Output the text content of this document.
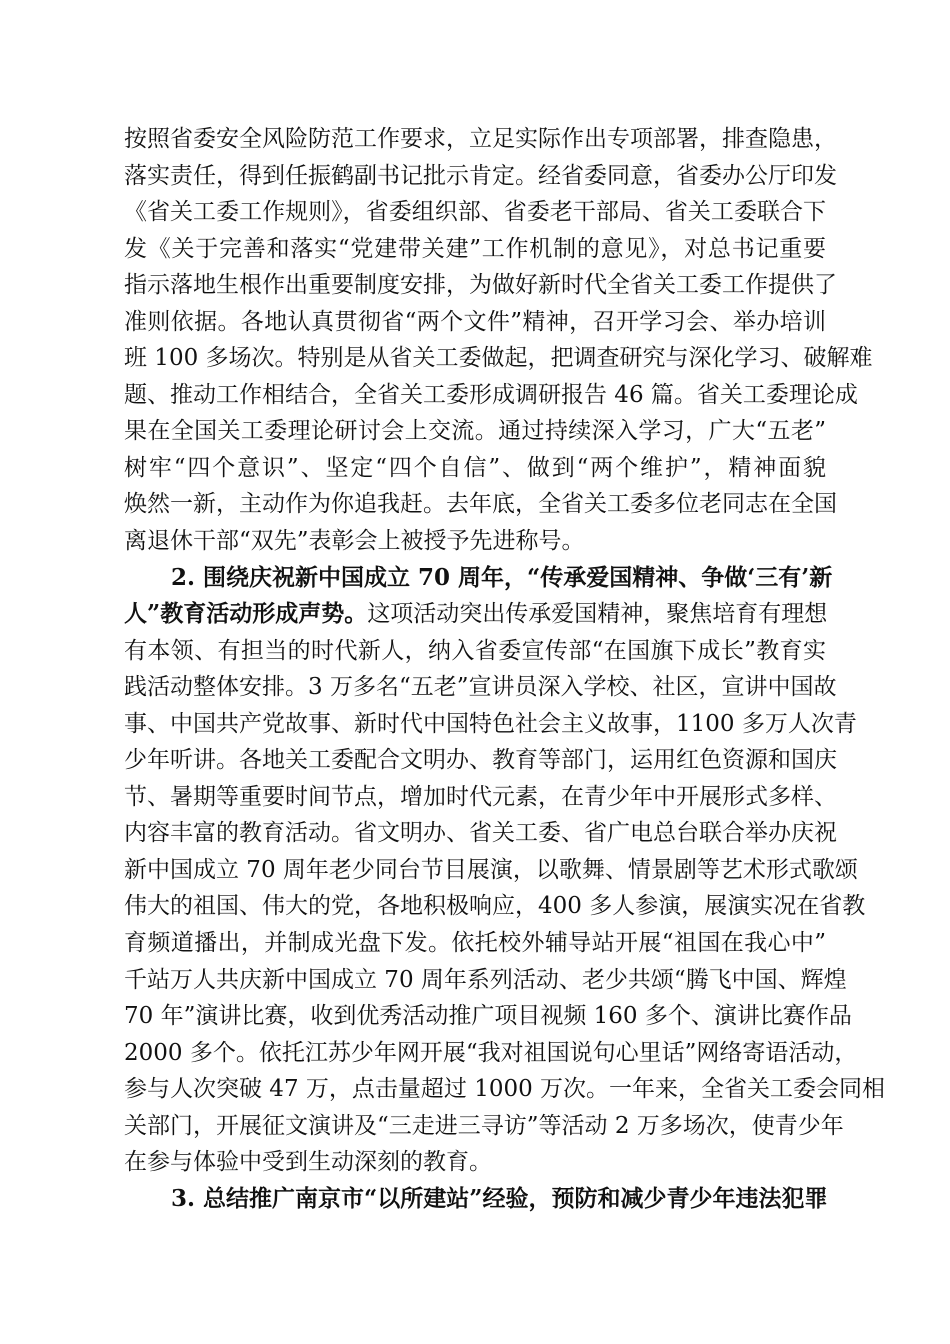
按照省委安全风险防范工作要求，立足实际作出专项部署，排查隐患，
落实责任，得到任振鹤副书记批示肯定。经省委同意，省委办公厅印发
《省关工委工作规则》，省委组织部、省委老干部局、省关工委联合下
发《关于完善和落实“党建带关建”工作机制的意见》，对总书记重要
指示落地生根作出重要制度安排，为做好新时代全省关工委工作提供了
准则依据。各地认真贯彻省“两个文件”精神，召开学习会、举办培训
班 100 多场次。特别是从省关工委做起，把调查研究与深化学习、破解难
题、推动工作相结合，全省关工委形成调研报告 46 篇。省关工委理论成
果在全国关工委理论研讨会上交流。通过持续深入学习，广大“五老”
树牢“四个意识”、坚定“四个自信”、做到“两个维护”，精神面貌
焕然一新，主动作为你追我赶。去年底，全省关工委多位老同志在全国
离退休干部“双先”表彰会上被授予先进称号。
2. 围绕庆祝新中国成立 70 周年，“传承爱国精神、争做‘三有’新
人”教育活动形成声势。这项活动突出传承爱国精神，聚焦培育有理想
有本领、有担当的时代新人，纳入省委宣传部“在国旗下成长”教育实
践活动整体安排。3 万多名“五老”宣讲员深入学校、社区，宣讲中国故
事、中国共产党故事、新时代中国特色社会主义故事，1100 多万人次青
少年听讲。各地关工委配合文明办、教育等部门，运用红色资源和国庆
节、暑期等重要时间节点，增加时代元素，在青少年中开展形式多样、
内容丰富的教育活动。省文明办、省关工委、省广电总台联合举办庆祝
新中国成立 70 周年老少同台节目展演，以歌舞、情景剧等艺术形式歌颂
伟大的祖国、伟大的党，各地积极响应，400 多人参演，展演实况在省教
育频道播出，并制成光盘下发。依托校外辅导站开展“祖国在我心中”
千站万人共庆新中国成立 70 周年系列活动、老少共颂“腾飞中国、辉煌
70 年”演讲比赛，收到优秀活动推广项目视频 160 多个、演讲比赛作品
2000 多个。依托江苏少年网开展“我对祖国说句心里话”网络寄语活动，
参与人次突破 47 万，点击量超过 1000 万次。一年来，全省关工委会同相
关部门，开展征文演讲及“三走进三寻访”等活动 2 万多场次，使青少年
在参与体验中受到生动深刻的教育。
3. 总结推广南京市“以所建站”经验，预防和减少青少年违法犯罪
